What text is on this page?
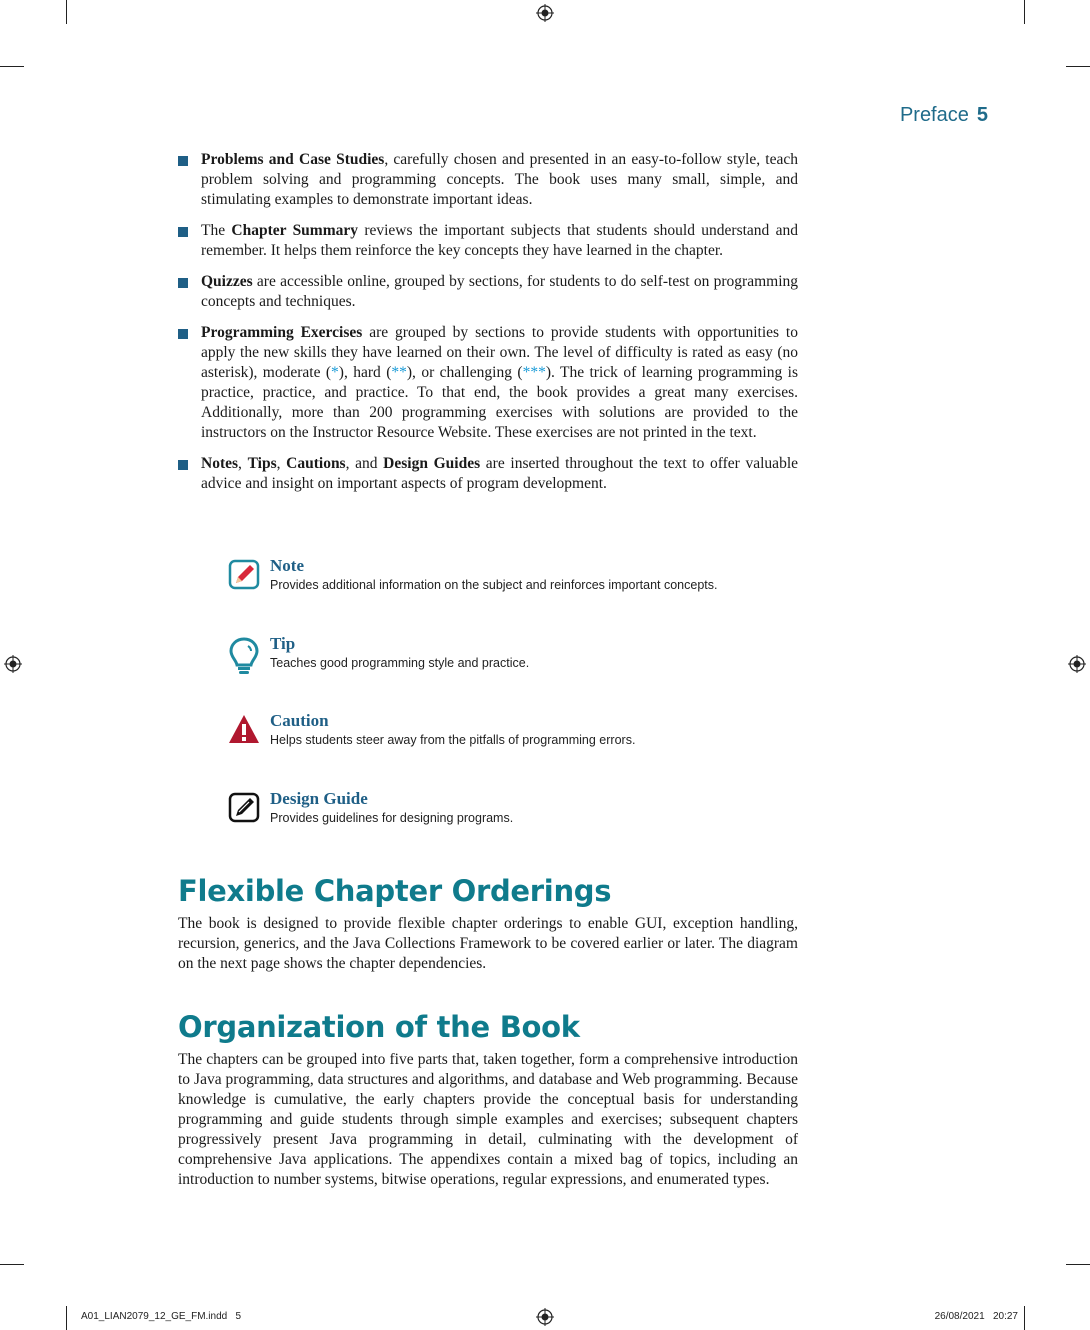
Preface 5
Problems and Case Studies, carefully chosen and presented in an easy-to-follow style, teach problem solving and programming concepts. The book uses many small, simple, and stimulating examples to demonstrate important ideas.
The Chapter Summary reviews the important subjects that students should understand and remember. It helps them reinforce the key concepts they have learned in the chapter.
Quizzes are accessible online, grouped by sections, for students to do self-test on programming concepts and techniques.
Programming Exercises are grouped by sections to provide students with opportunities to apply the new skills they have learned on their own. The level of difficulty is rated as easy (no asterisk), moderate (*), hard (**), or challenging (***). The trick of learning programming is practice, practice, and practice. To that end, the book provides a great many exercises. Additionally, more than 200 programming exercises with solutions are provided to the instructors on the Instructor Resource Website. These exercises are not printed in the text.
Notes, Tips, Cautions, and Design Guides are inserted throughout the text to offer valuable advice and insight on important aspects of program development.
Note
Provides additional information on the subject and reinforces important concepts.
Tip
Teaches good programming style and practice.
Caution
Helps students steer away from the pitfalls of programming errors.
Design Guide
Provides guidelines for designing programs.
Flexible Chapter Orderings

The book is designed to provide flexible chapter orderings to enable GUI, exception handling, recursion, generics, and the Java Collections Framework to be covered earlier or later. The diagram on the next page shows the chapter dependencies.

Organization of the Book

The chapters can be grouped into five parts that, taken together, form a comprehensive introduction to Java programming, data structures and algorithms, and database and Web programming. Because knowledge is cumulative, the early chapters provide the conceptual basis for understanding programming and guide students through simple examples and exercises; subsequent chapters progressively present Java programming in detail, culminating with the development of comprehensive Java applications. The appendixes contain a mixed bag of topics, including an introduction to number systems, bitwise operations, regular expressions, and enumerated types.

A01_LIAN2079_12_GE_FM.indd   5	26/08/2021   20:27
